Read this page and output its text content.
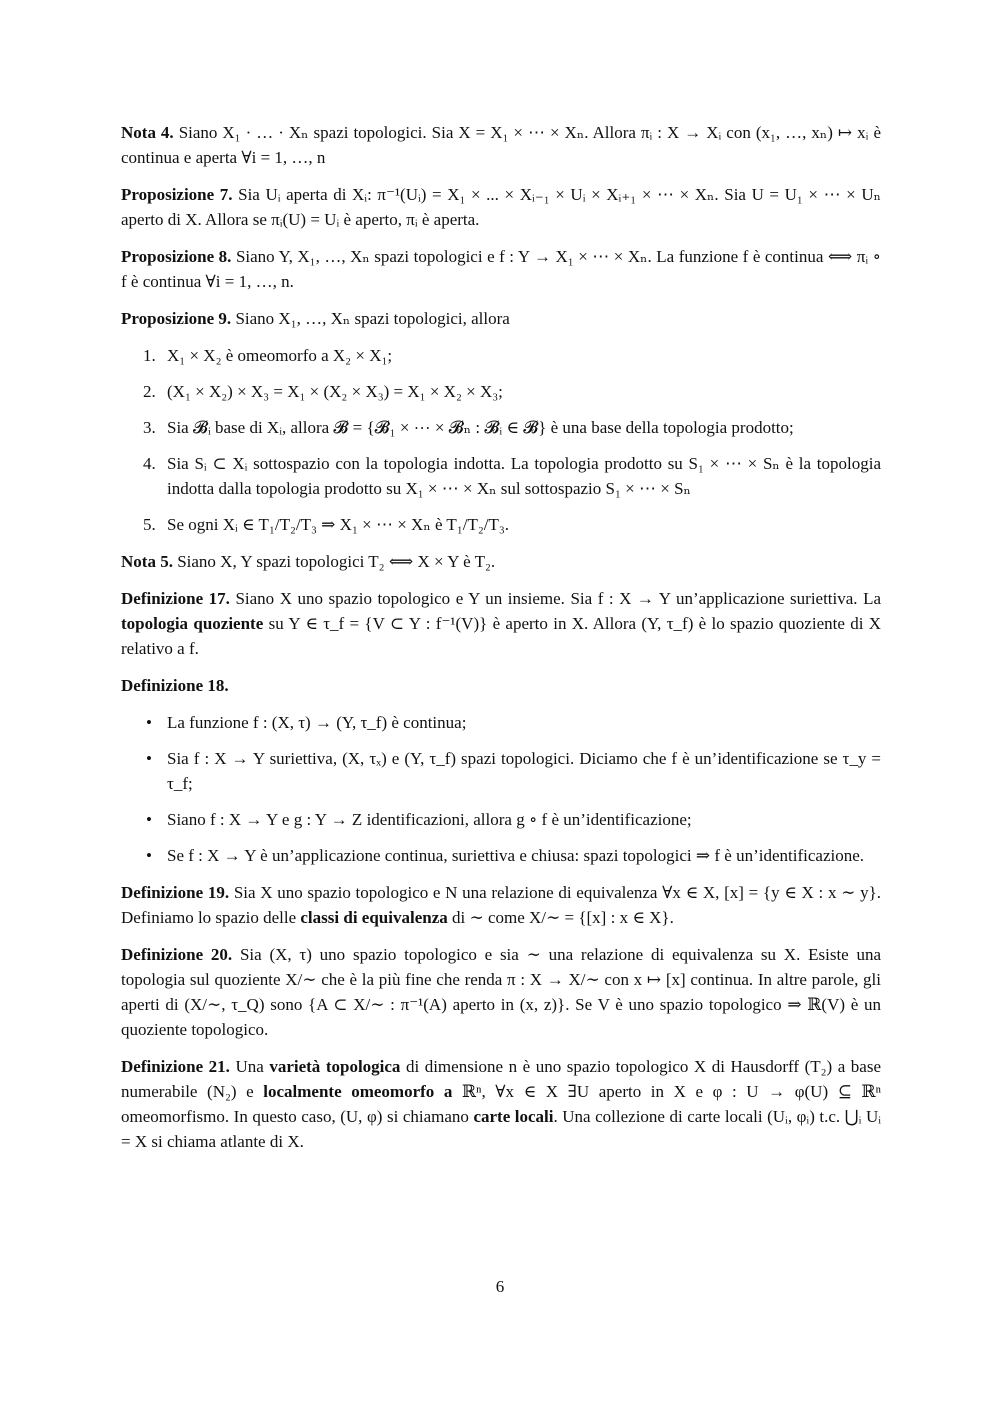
Nota 4. Siano X₁ · … · Xₙ spazi topologici. Sia X = X₁ × ⋯ × Xₙ. Allora πᵢ : X → Xᵢ con (x₁, …, xₙ) ↦ xᵢ è continua e aperta ∀i = 1, …, n
Proposizione 7. Sia Uᵢ aperta di Xᵢ: π⁻¹(Uᵢ) = X₁ × ... × Xᵢ₋₁ × Uᵢ × Xᵢ₊₁ × ⋯ × Xₙ. Sia U = U₁ × ⋯ × Uₙ aperto di X. Allora se πᵢ(U) = Uᵢ è aperto, πᵢ è aperta.
Proposizione 8. Siano Y, X₁, …, Xₙ spazi topologici e f : Y → X₁ × ⋯ × Xₙ. La funzione f è continua ⟺ πᵢ ∘ f è continua ∀i = 1, …, n.
Proposizione 9. Siano X₁, …, Xₙ spazi topologici, allora
1. X₁ × X₂ è omeomorfo a X₂ × X₁;
2. (X₁ × X₂) × X₃ = X₁ × (X₂ × X₃) = X₁ × X₂ × X₃;
3. Sia 𝓑ᵢ base di Xᵢ, allora 𝓑 = {𝓑₁ × ⋯ × 𝓑ₙ : 𝓑ᵢ ∈ 𝓑} è una base della topologia prodotto;
4. Sia Sᵢ ⊂ Xᵢ sottospazio con la topologia indotta. La topologia prodotto su S₁ × ⋯ × Sₙ è la topologia indotta dalla topologia prodotto su X₁ × ⋯ × Xₙ sul sottospazio S₁ × ⋯ × Sₙ
5. Se ogni Xᵢ ∈ T₁/T₂/T₃ ⇒ X₁ × ⋯ × Xₙ è T₁/T₂/T₃.
Nota 5. Siano X, Y spazi topologici T₂ ⟺ X × Y è T₂.
Definizione 17. Siano X uno spazio topologico e Y un insieme. Sia f : X → Y un’applicazione suriettiva. La topologia quoziente su Y ∈ τ_f = {V ⊂ Y : f⁻¹(V)} è aperto in X. Allora (Y, τ_f) è lo spazio quoziente di X relativo a f.
Definizione 18.
• La funzione f : (X, τ) → (Y, τ_f) è continua;
• Sia f : X → Y suriettiva, (X, τₓ) e (Y, τ_f) spazi topologici. Diciamo che f è un’identificazione se τ_y = τ_f;
• Siano f : X → Y e g : Y → Z identificazioni, allora g ∘ f è un’identificazione;
• Se f : X → Y è un’applicazione continua, suriettiva e chiusa: spazi topologici ⇒ f è un’identificazione.
Definizione 19. Sia X uno spazio topologico e N una relazione di equivalenza ∀x ∈ X, [x] = {y ∈ X : x ∼ y}. Definiamo lo spazio delle classi di equivalenza di ∼ come X/∼ = {[x] : x ∈ X}.
Definizione 20. Sia (X, τ) uno spazio topologico e sia ∼ una relazione di equivalenza su X. Esiste una topologia sul quoziente X/∼ che è la più fine che renda π : X → X/∼ con x ↦ [x] continua. In altre parole, gli aperti di (X/∼, τ_Q) sono {A ⊂ X/∼ : π⁻¹(A) aperto in (x, z)}. Se V è uno spazio topologico ⇒ ℝ(V) è un quoziente topologico.
Definizione 21. Una varietà topologica di dimensione n è uno spazio topologico X di Hausdorff (T₂) a base numerabile (N₂) e localmente omeomorfo a ℝⁿ, ∀x ∈ X ∃U aperto in X e φ : U → φ(U) ⊆ ℝⁿ omeomorfismo. In questo caso, (U, φ) si chiamano carte locali. Una collezione di carte locali (Uᵢ, φᵢ) t.c. ⋃ᵢ Uᵢ = X si chiama atlante di X.
6
